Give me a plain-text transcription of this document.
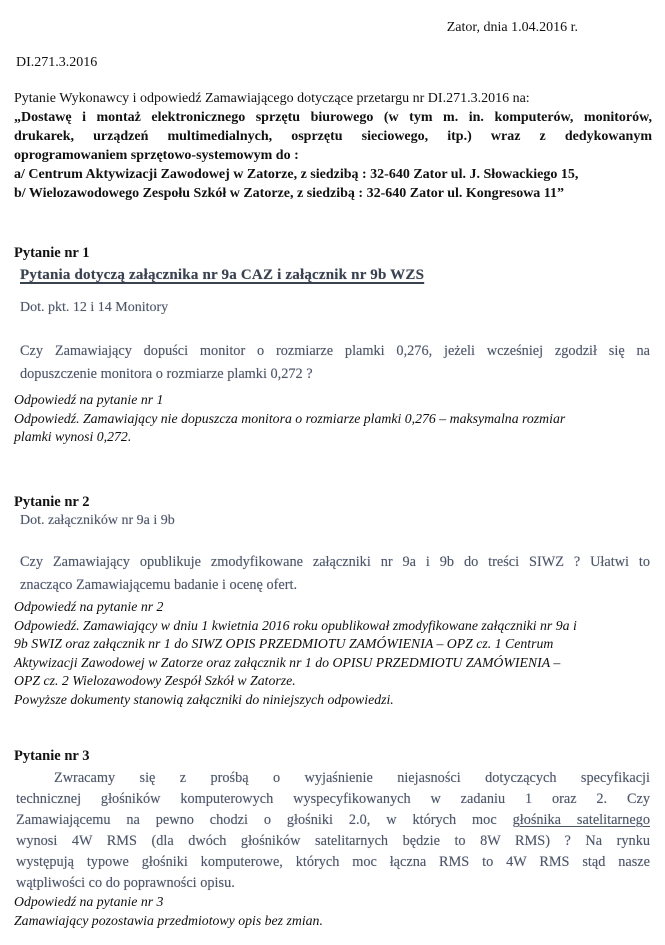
Zator, dnia 1.04.2016 r.
DI.271.3.2016
Pytanie Wykonawcy i odpowiedź Zamawiającego dotyczące przetargu nr DI.271.3.2016 na:
„Dostawę i montaż elektronicznego sprzętu biurowego (w tym m. in. komputerów, monitorów,
drukarek, urządzeń multimedialnych, osprzętu sieciowego, itp.) wraz z dedykowanym
oprogramowaniem sprzętowo-systemowym do :
a/ Centrum Aktywizacji Zawodowej w Zatorze, z siedzibą : 32-640 Zator ul. J. Słowackiego 15,
b/ Wielozawodowego Zespołu Szkół w Zatorze, z siedzibą : 32-640 Zator ul. Kongresowa 11”
Pytanie nr 1
Pytania dotyczą załącznika nr 9a CAZ i załącznik nr 9b WZS
Dot. pkt. 12 i 14 Monitory
Czy Zamawiający dopuści monitor o rozmiarze plamki 0,276, jeżeli wcześniej zgodził się na
dopuszczenie monitora o rozmiarze plamki 0,272 ?
Odpowiedź na pytanie nr 1
Odpowiedź. Zamawiający nie dopuszcza monitora o rozmiarze plamki 0,276 – maksymalna rozmiar
plamki wynosi 0,272.
Pytanie nr 2
Dot. załączników nr 9a i 9b
Czy Zamawiający opublikuje zmodyfikowane załączniki nr 9a i 9b do treści SIWZ ? Ułatwi to
znacząco Zamawiającemu badanie i ocenę ofert.
Odpowiedź na pytanie nr 2
Odpowiedź. Zamawiający w dniu 1 kwietnia 2016 roku opublikował zmodyfikowane załączniki nr 9a i
9b SWIZ oraz załącznik nr 1 do SIWZ OPIS PRZEDMIOTU ZAMÓWIENIA – OPZ cz. 1 Centrum
Aktywizacji Zawodowej w Zatorze oraz załącznik nr 1 do OPISU PRZEDMIOTU ZAMÓWIENIA –
OPZ cz. 2 Wielozawodowy Zespół Szkół w Zatorze.
Powyższe dokumenty stanowią załączniki do niniejszych odpowiedzi.
Pytanie nr 3
Zwracamy się z prośbą o wyjaśnienie niejasności dotyczących specyfikacji
technicznej głośników komputerowych wyspecyfikowanych w zadaniu 1 oraz 2. Czy
Zamawiającemu na pewno chodzi o głośniki 2.0, w których moc głośnika satelitarnego
wynosi 4W RMS (dla dwóch głośników satelitarnych będzie to 8W RMS) ? Na rynku
występują typowe głośniki komputerowe, których moc łączna RMS to 4W RMS stąd nasze
wątpliwości co do poprawności opisu.
Odpowiedź na pytanie nr 3
Zamawiający pozostawia przedmiotowy opis bez zmian.
